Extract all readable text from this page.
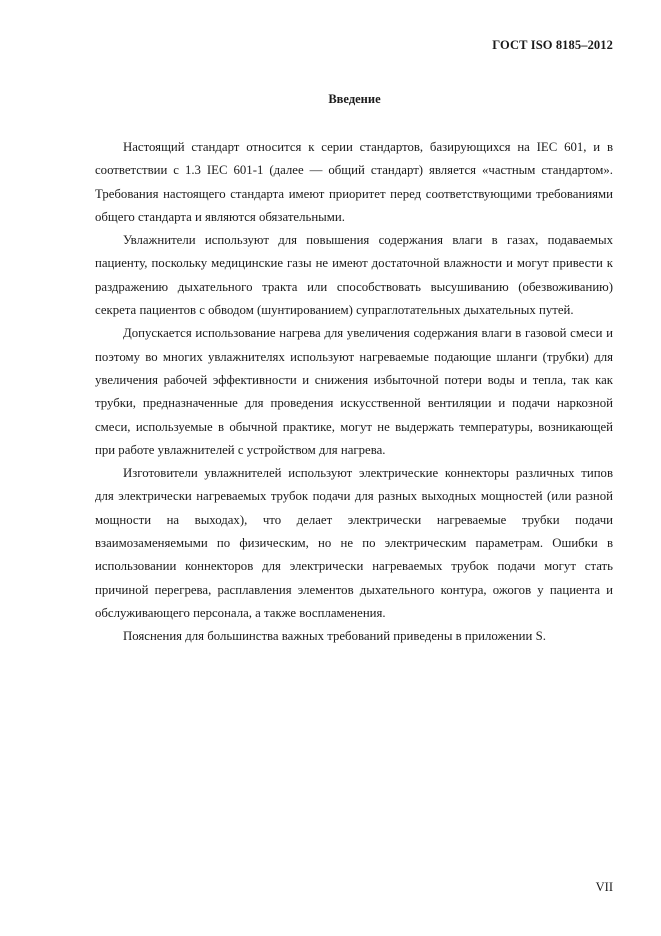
ГОСТ ISO 8185–2012
Введение

Настоящий стандарт относится к серии стандартов, базирующихся на IEC 601, и в соответствии с 1.3 IEC 601-1 (далее — общий стандарт) является «частным стандартом». Требования настоящего стандарта имеют приоритет перед соответствующими требованиями общего стандарта и являются обязательными.

Увлажнители используют для повышения содержания влаги в газах, подаваемых пациенту, поскольку медицинские газы не имеют достаточной влажности и могут привести к раздражению дыхательного тракта или способствовать высушиванию (обезвоживанию) секрета пациентов с обводом (шунтированием) супраглотательных дыхательных путей.

Допускается использование нагрева для увеличения содержания влаги в газовой смеси и поэтому во многих увлажнителях используют нагреваемые подающие шланги (трубки) для увеличения рабочей эффективности и снижения избыточной потери воды и тепла, так как трубки, предназначенные для проведения искусственной вентиляции и подачи наркозной смеси, используемые в обычной практике, могут не выдержать температуры, возникающей при работе увлажнителей с устройством для нагрева.

Изготовители увлажнителей используют электрические коннекторы различных типов для электрически нагреваемых трубок подачи для разных выходных мощностей (или разной мощности на выходах), что делает электрически нагреваемые трубки подачи взаимозаменяемыми по физическим, но не по электрическим параметрам. Ошибки в использовании коннекторов для электрически нагреваемых трубок подачи могут стать причиной перегрева, расплавления элементов дыхательного контура, ожогов у пациента и обслуживающего персонала, а также воспламенения.

Пояснения для большинства важных требований приведены в приложении S.

VII
